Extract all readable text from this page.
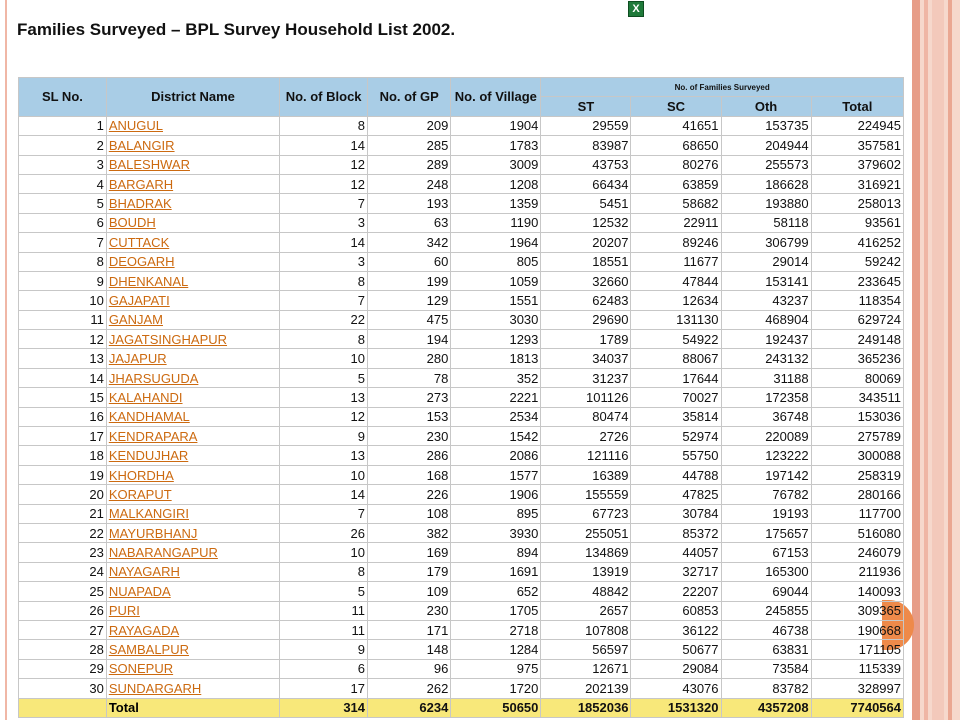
X
Families Surveyed – BPL Survey Household List 2002.
SL No.	District Name	No. of Block	No. of GP	No. of Village	No. of Families Surveyed			
					ST	SC	Oth	Total
1	ANUGUL	8	209	1904	29559	41651	153735	224945
2	BALANGIR	14	285	1783	83987	68650	204944	357581
3	BALESHWAR	12	289	3009	43753	80276	255573	379602
4	BARGARH	12	248	1208	66434	63859	186628	316921
5	BHADRAK	7	193	1359	5451	58682	193880	258013
6	BOUDH	3	63	1190	12532	22911	58118	93561
7	CUTTACK	14	342	1964	20207	89246	306799	416252
8	DEOGARH	3	60	805	18551	11677	29014	59242
9	DHENKANAL	8	199	1059	32660	47844	153141	233645
10	GAJAPATI	7	129	1551	62483	12634	43237	118354
11	GANJAM	22	475	3030	29690	131130	468904	629724
12	JAGATSINGHAPUR	8	194	1293	1789	54922	192437	249148
13	JAJAPUR	10	280	1813	34037	88067	243132	365236
14	JHARSUGUDA	5	78	352	31237	17644	31188	80069
15	KALAHANDI	13	273	2221	101126	70027	172358	343511
16	KANDHAMAL	12	153	2534	80474	35814	36748	153036
17	KENDRAPARA	9	230	1542	2726	52974	220089	275789
18	KENDUJHAR	13	286	2086	121116	55750	123222	300088
19	KHORDHA	10	168	1577	16389	44788	197142	258319
20	KORAPUT	14	226	1906	155559	47825	76782	280166
21	MALKANGIRI	7	108	895	67723	30784	19193	117700
22	MAYURBHANJ	26	382	3930	255051	85372	175657	516080
23	NABARANGAPUR	10	169	894	134869	44057	67153	246079
24	NAYAGARH	8	179	1691	13919	32717	165300	211936
25	NUAPADA	5	109	652	48842	22207	69044	140093
26	PURI	11	230	1705	2657	60853	245855	309365
27	RAYAGADA	11	171	2718	107808	36122	46738	190668
28	SAMBALPUR	9	148	1284	56597	50677	63831	171105
29	SONEPUR	6	96	975	12671	29084	73584	115339
30	SUNDARGARH	17	262	1720	202139	43076	83782	328997
	Total	314	6234	50650	1852036	1531320	4357208	7740564
